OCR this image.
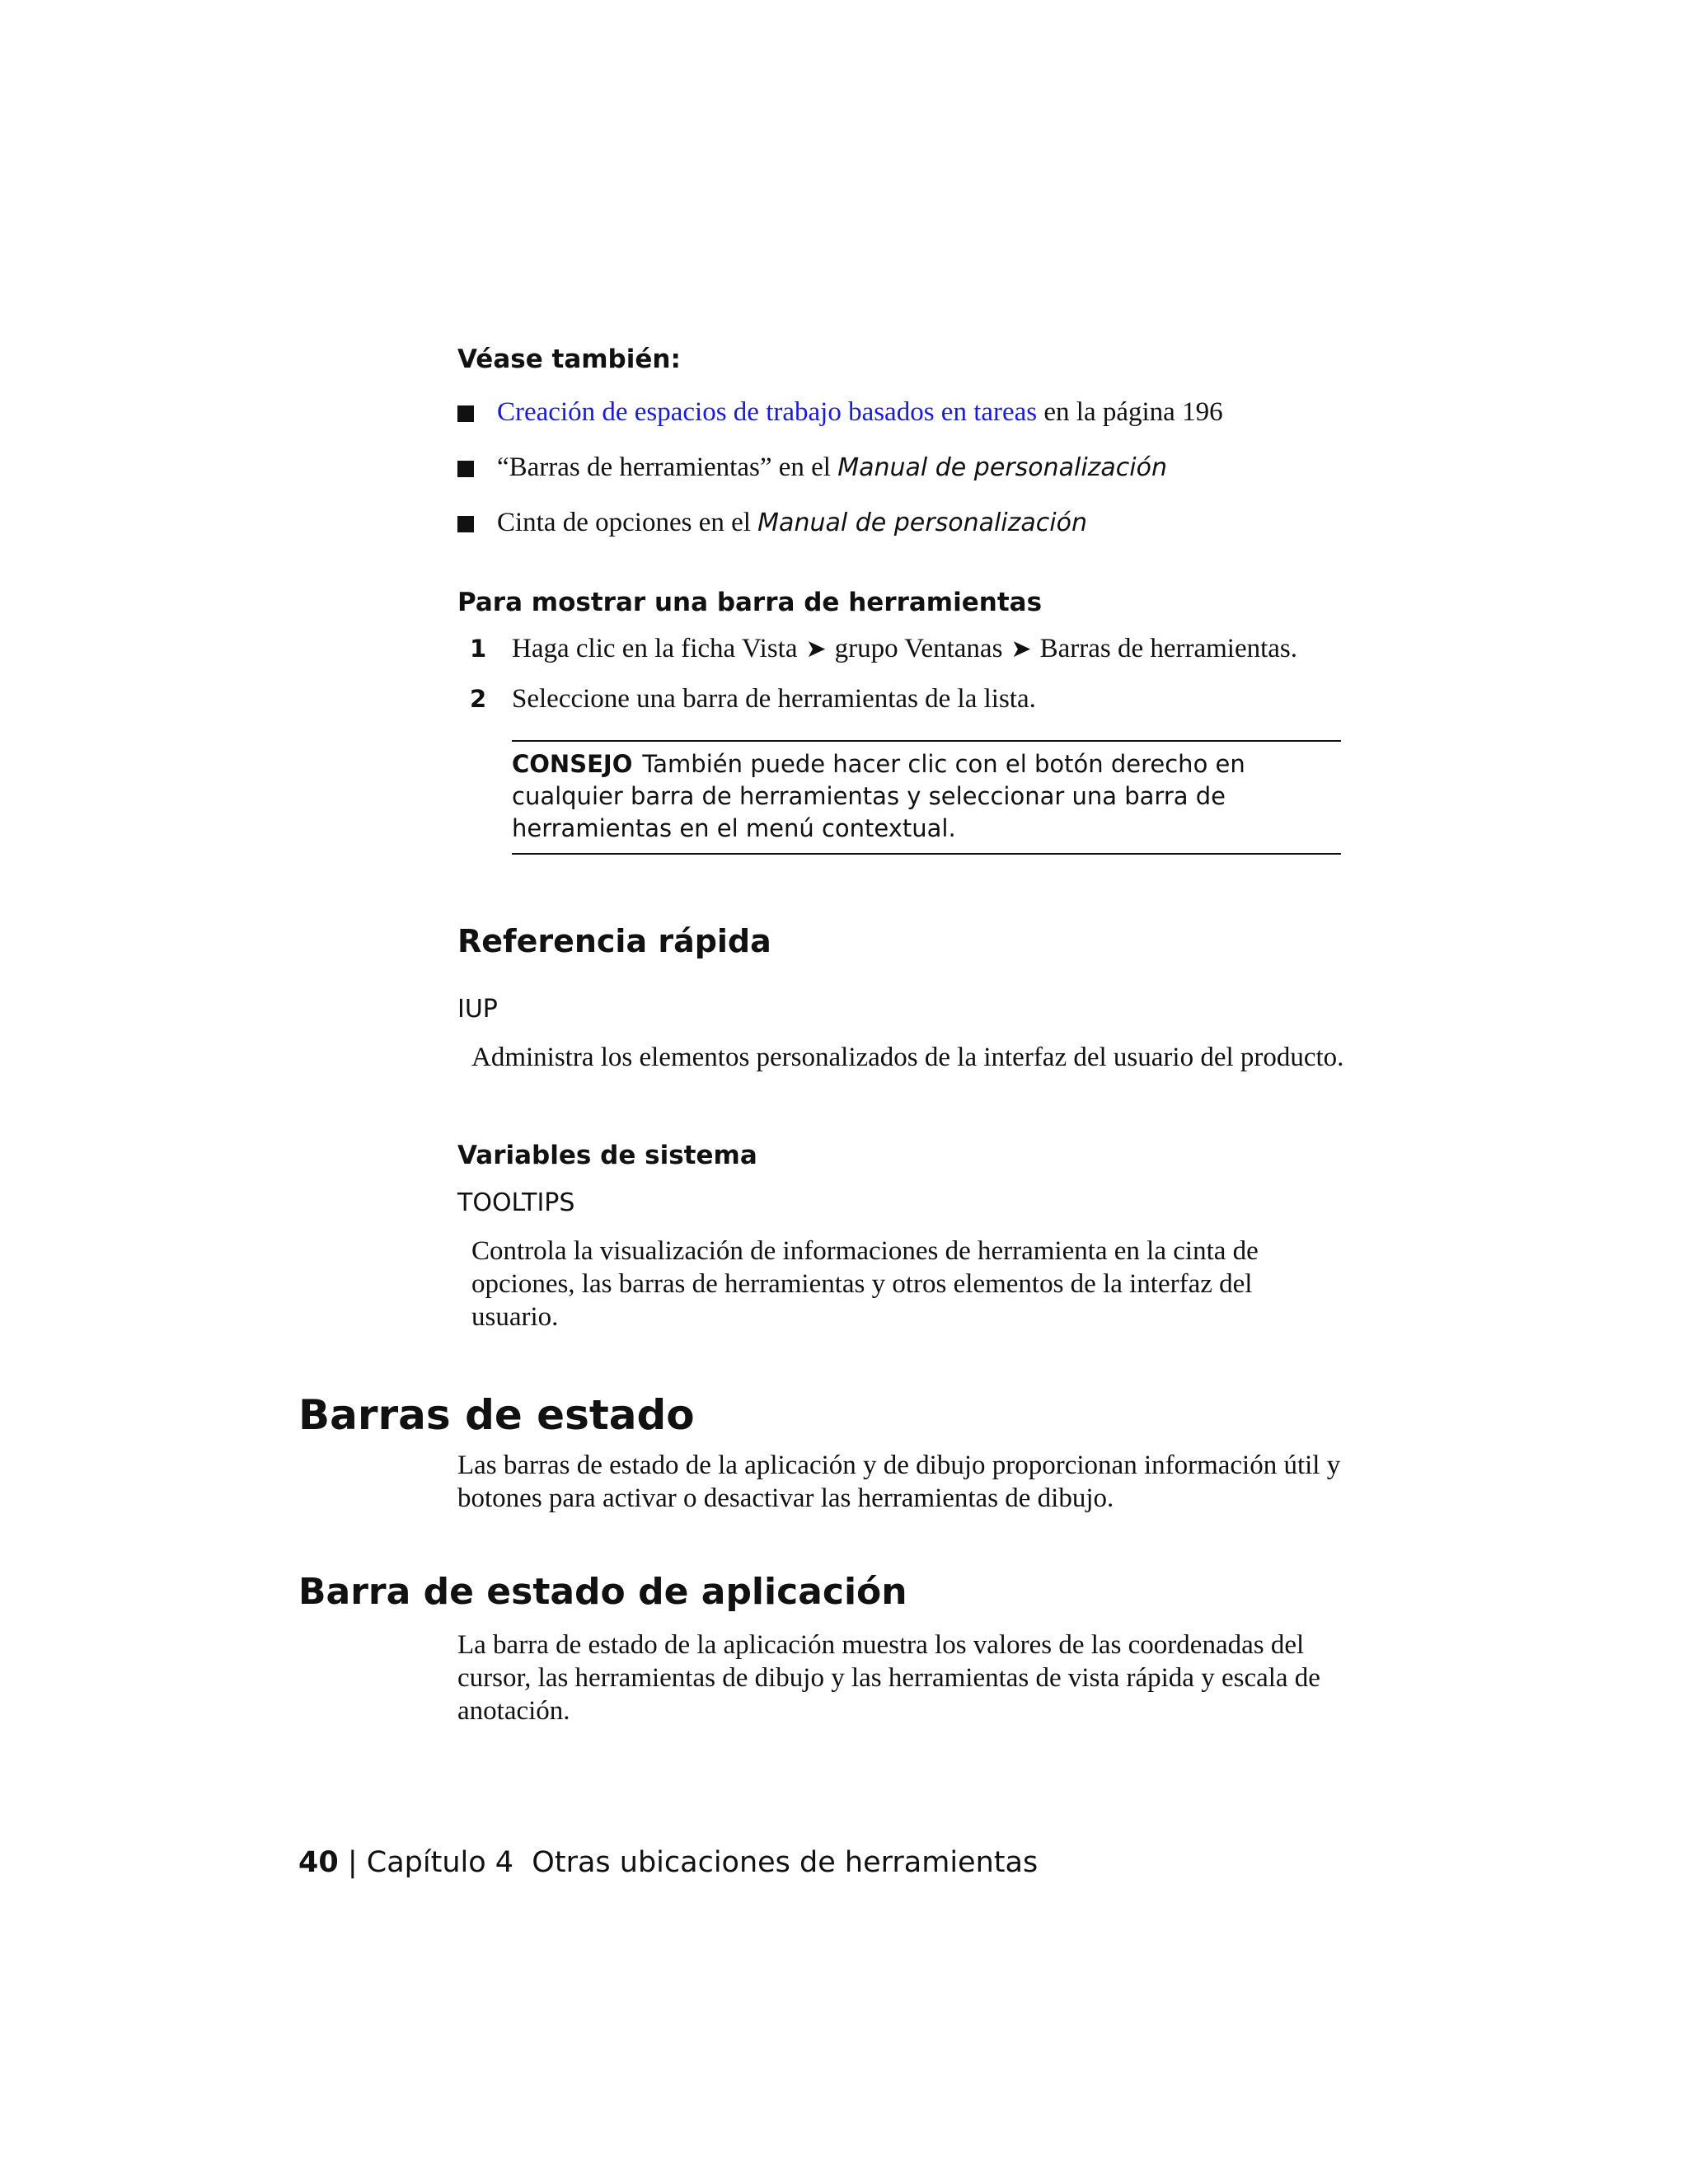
Véase también:
Creación de espacios de trabajo basados en tareas en la página 196
“Barras de herramientas” en el Manual de personalización
Cinta de opciones en el Manual de personalización
Para mostrar una barra de herramientas
1 Haga clic en la ficha Vista ➤ grupo Ventanas ➤ Barras de herramientas.
2 Seleccione una barra de herramientas de la lista.
CONSEJO También puede hacer clic con el botón derecho en cualquier barra de herramientas y seleccionar una barra de herramientas en el menú contextual.
Referencia rápida
IUP
Administra los elementos personalizados de la interfaz del usuario del producto.
Variables de sistema
TOOLTIPS
Controla la visualización de informaciones de herramienta en la cinta de opciones, las barras de herramientas y otros elementos de la interfaz del usuario.
Barras de estado
Las barras de estado de la aplicación y de dibujo proporcionan información útil y botones para activar o desactivar las herramientas de dibujo.
Barra de estado de aplicación
La barra de estado de la aplicación muestra los valores de las coordenadas del cursor, las herramientas de dibujo y las herramientas de vista rápida y escala de anotación.
40 | Capítulo 4 Otras ubicaciones de herramientas
